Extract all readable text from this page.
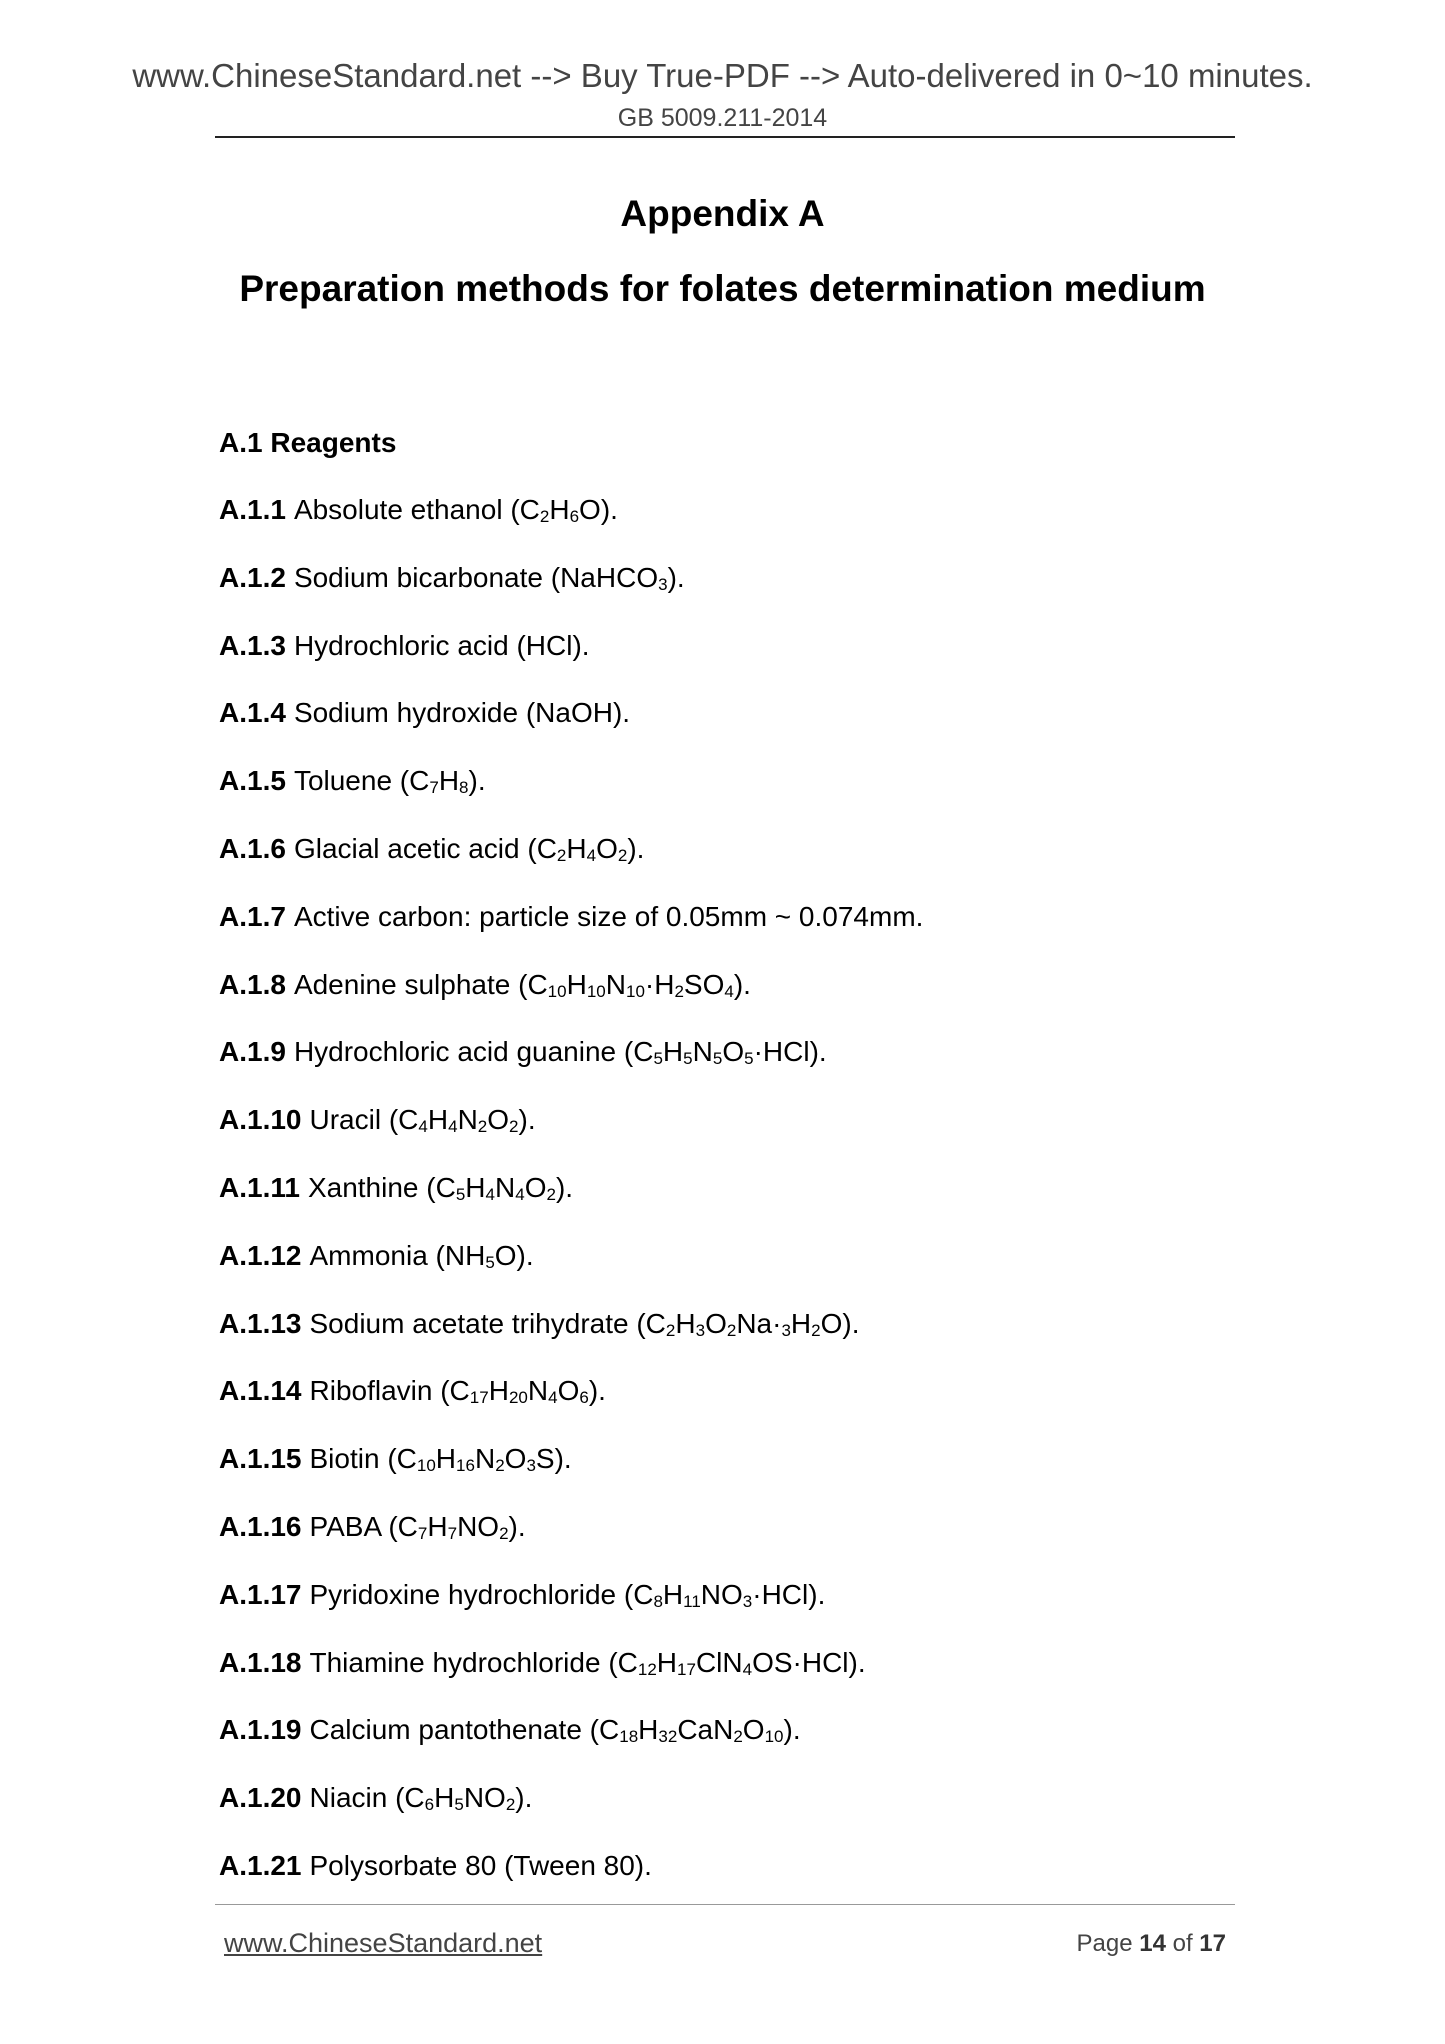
www.ChineseStandard.net --> Buy True-PDF --> Auto-delivered in 0~10 minutes.
GB 5009.211-2014
Appendix A
Preparation methods for folates determination medium
A.1 Reagents
A.1.1 Absolute ethanol $(C_2H_6O)$.
A.1.2 Sodium bicarbonate (NaHCO$_3$).
A.1.3 Hydrochloric acid (HCl).
A.1.4 Sodium hydroxide (NaOH).
A.1.5 Toluene $(C_7H_8)$.
A.1.6 Glacial acetic acid $(C_2H_4O_2)$.
A.1.7 Active carbon: particle size of 0.05mm ~ 0.074mm.
A.1.8 Adenine sulphate $(C_{10}H_{10}N_{10}\cdot H_2SO_4)$.
A.1.9 Hydrochloric acid guanine $(C_5H_5N_5O_5\cdot HCl)$.
A.1.10 Uracil $(C_4H_4N_2O_2)$.
A.1.11 Xanthine $(C_5H_4N_4O_2)$.
A.1.12 Ammonia $(NH_5O)$.
A.1.13 Sodium acetate trihydrate $(C_2H_3O_2Na\cdot_3H_2O)$.
A.1.14 Riboflavin $(C_{17}H_{20}N_4O_6)$.
A.1.15 Biotin $(C_{10}H_{16}N_2O_3S)$.
A.1.16 PABA $(C_7H_7NO_2)$.
A.1.17 Pyridoxine hydrochloride $(C_8H_{11}NO_3\cdot HCl)$.
A.1.18 Thiamine hydrochloride $(C_{12}H_{17}ClN_4OS\cdot HCl)$.
A.1.19 Calcium pantothenate $(C_{18}H_{32}CaN_2O_{10})$.
A.1.20 Niacin $(C_6H_5NO_2)$.
A.1.21 Polysorbate 80 (Tween 80).
www.ChineseStandard.net	Page 14 of 17
